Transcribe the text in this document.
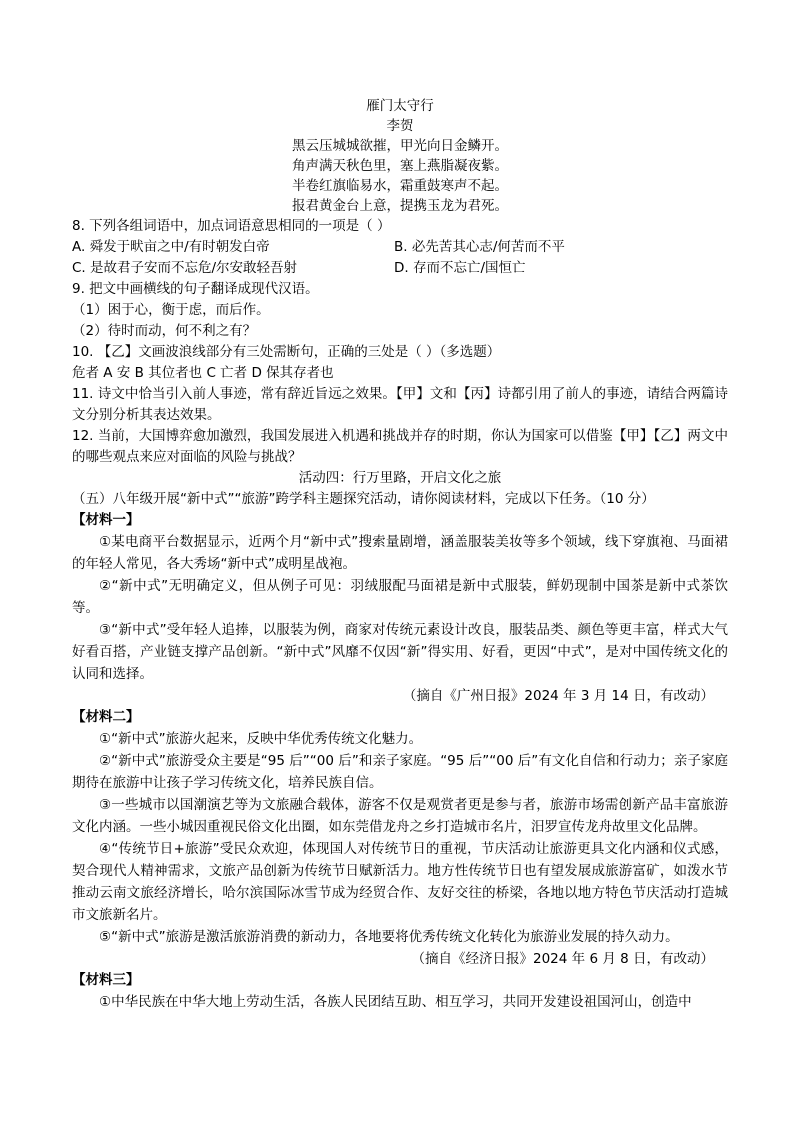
雁门太守行
李贺
黑云压城城欲摧，甲光向日金鳞开。
角声满天秋色里，塞上燕脂凝夜紫。
半卷红旗临易水，霜重鼓寒声不起。
报君黄金台上意，提携玉龙为君死。
8. 下列各组词语中，加点词语意思相同的一项是（ ）
A. 舜发于畎亩之中/有时朝发白帝	B. 必先苦其心志/何苦而不平
C. 是故君子安而不忘危/尔安敢轻吾射	D. 存而不忘亡/国恒亡
9. 把文中画横线的句子翻译成现代汉语。
（1）困于心，衡于虑，而后作。
（2）待时而动，何不利之有？
10. 【乙】文画波浪线部分有三处需断句，正确的三处是（ ）（多选题）
危者 A 安 B 其位者也 C 亡者 D 保其存者也
11. 诗文中恰当引入前人事迹，常有辞近旨远之效果。【甲】文和【丙】诗都引用了前人的事迹，请结合两篇诗文分别分析其表达效果。
12. 当前，大国博弈愈加激烈，我国发展进入机遇和挑战并存的时期，你认为国家可以借鉴【甲】【乙】两文中的哪些观点来应对面临的风险与挑战？
活动四：行万里路，开启文化之旅
（五）八年级开展“新中式”“旅游”跨学科主题探究活动，请你阅读材料，完成以下任务。（10 分）
【材料一】
①某电商平台数据显示，近两个月“新中式”搜索量剧增，涵盖服装美妆等多个领域，线下穿旗袍、马面裙的年轻人常见，各大秀场“新中式”成明星战袍。
②“新中式”无明确定义，但从例子可见：羽绒服配马面裙是新中式服装，鲜奶现制中国茶是新中式茶饮等。
③“新中式”受年轻人追捧，以服装为例，商家对传统元素设计改良，服装品类、颜色等更丰富，样式大气好看百搭，产业链支撑产品创新。“新中式”风靡不仅因“新”得实用、好看，更因“中式”，是对中国传统文化的认同和选择。
（摘自《广州日报》2024 年 3 月 14 日，有改动）
【材料二】
①“新中式”旅游火起来，反映中华优秀传统文化魅力。
②“新中式”旅游受众主要是“95 后”“00 后”和亲子家庭。“95 后”“00 后”有文化自信和行动力；亲子家庭期待在旅游中让孩子学习传统文化，培养民族自信。
③一些城市以国潮演艺等为文旅融合载体，游客不仅是观赏者更是参与者，旅游市场需创新产品丰富旅游文化内涵。一些小城因重视民俗文化出圈，如东莞借龙舟之乡打造城市名片，汨罗宣传龙舟故里文化品牌。
④“传统节日+旅游”受民众欢迎，体现国人对传统节日的重视，节庆活动让旅游更具文化内涵和仪式感，契合现代人精神需求，文旅产品创新为传统节日赋新活力。地方性传统节日也有望发展成旅游富矿，如泼水节推动云南文旅经济增长，哈尔滨国际冰雪节成为经贸合作、友好交往的桥梁，各地以地方特色节庆活动打造城市文旅新名片。
⑤“新中式”旅游是激活旅游消费的新动力，各地要将优秀传统文化转化为旅游业发展的持久动力。
（摘自《经济日报》2024 年 6 月 8 日，有改动）
【材料三】
①中华民族在中华大地上劳动生活，各族人民团结互助、相互学习，共同开发建设祖国河山，创造中
